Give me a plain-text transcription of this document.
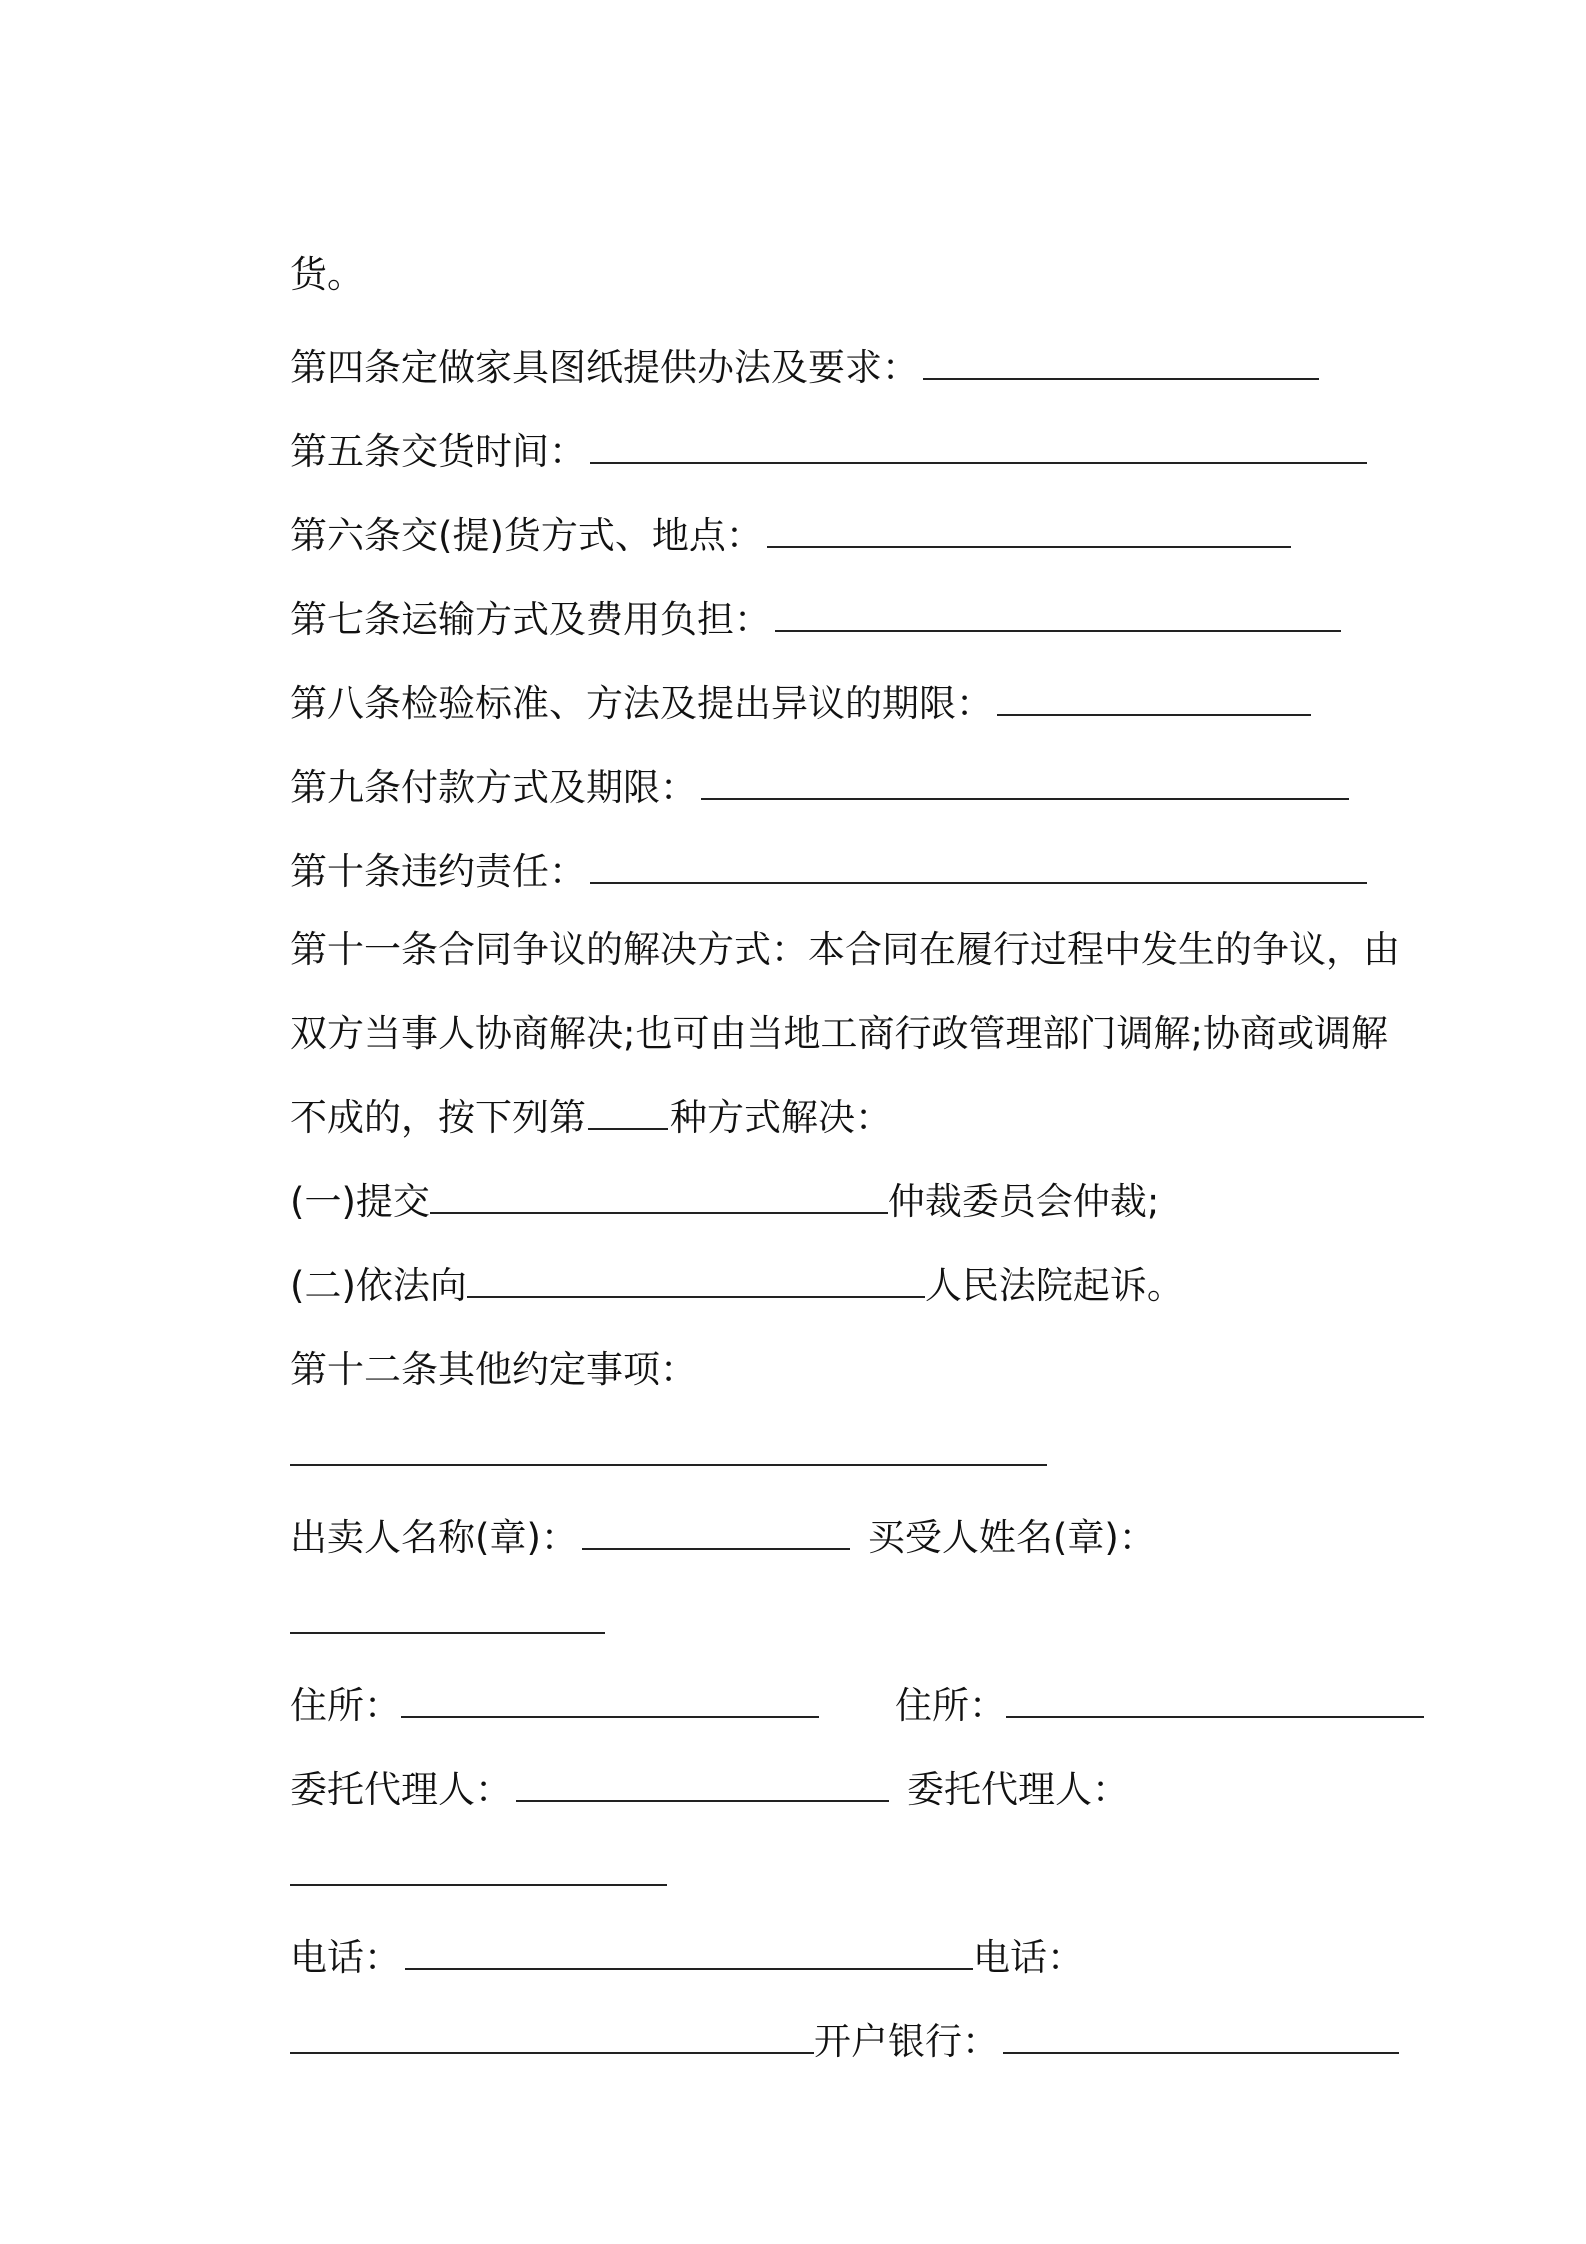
货。

第四条定做家具图纸提供办法及要求：

第五条交货时间：

第六条交(提)货方式、地点：

第七条运输方式及费用负担：

第八条检验标准、方法及提出异议的期限：

第九条付款方式及期限：

第十条违约责任：

第十一条合同争议的解决方式：本合同在履行过程中发生的争议，由

双方当事人协商解决;也可由当地工商行政管理部门调解;协商或调解

不成的，按下列第 种方式解决：

(一)提交	仲裁委员会仲裁;

(二)依法向	人民法院起诉。

第十二条其他约定事项：

出卖人名称(章)：	买受人姓名(章)：

住所：	住所：

委托代理人：	委托代理人：

电话：	电话：

开户银行：
